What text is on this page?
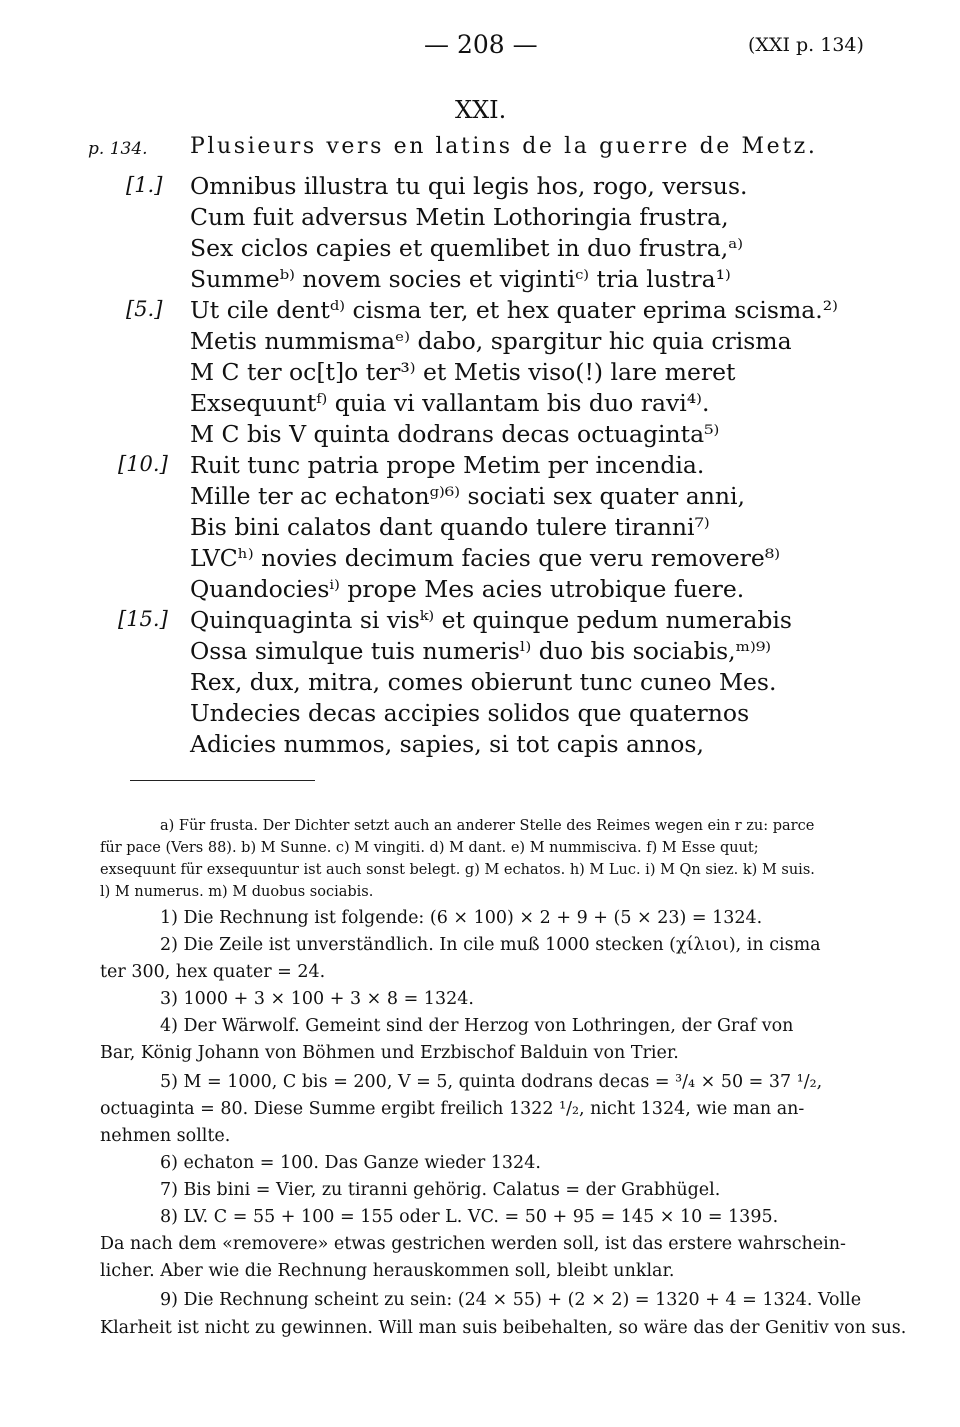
— 208 —	(XXI p. 134)
p. 134.
XXI.
Plusieurs vers en latins de la guerre de Metz.
[1.] Omnibus illustra tu qui legis hos, rogo, versus.
Cum fuit adversus Metin Lothoringia frustra,
Sex ciclos capies et quemlibet in duo frustra,ᵃ⁾
Summeᵇ⁾ novem socies et vigintiᶜ⁾ tria lustra¹⁾
[5.] Ut cile dentᵈ⁾ cisma ter, et hex quater eprima scisma.²⁾
Metis nummismaᵉ⁾ dabo, spargitur hic quia crisma
M C ter oc[t]o ter³⁾ et Metis viso(!) lare meret
Exsequuntᶠ⁾ quia vi vallantam bis duo ravi⁴⁾.
M C bis V quinta dodrans decas octuaginta⁵⁾
[10.] Ruit tunc patria prope Metim per incendia.
Mille ter ac echatonᵍ⁾⁶⁾ sociati sex quater anni,
Bis bini calatos dant quando tulere tiranni⁷⁾
LVCʰ⁾ novies decimum facies que veru removere⁸⁾
Quandociesⁱ⁾ prope Mes acies utrobique fuere.
[15.] Quinquaginta si visᵏ⁾ et quinque pedum numerabis
Ossa simulque tuis numerisˡ⁾ duo bis sociabis,ᵐ⁾⁹⁾
Rex, dux, mitra, comes obierunt tunc cuneo Mes.
Undecies decas accipies solidos que quaternos
Adicies nummos, sapies, si tot capis annos,
a) Für frusta. Der Dichter setzt auch an anderer Stelle des Reimes wegen ein r zu: parce
für pace (Vers 88). b) M Sunne. c) M vingiti. d) M dant. e) M nummisciva. f) M Esse quut;
exsequunt für exsequuntur ist auch sonst belegt. g) M echatos. h) M Luc. i) M Qn siez. k) M suis.
l) M numerus. m) M duobus sociabis.
1) Die Rechnung ist folgende: (6 × 100) × 2 + 9 + (5 × 23) = 1324.
2) Die Zeile ist unverständlich. In cile muß 1000 stecken (χίλιοι), in cisma
ter 300, hex quater = 24.
3) 1000 + 3 × 100 + 3 × 8 = 1324.
4) Der Wärwolf. Gemeint sind der Herzog von Lothringen, der Graf von
Bar, König Johann von Böhmen und Erzbischof Balduin von Trier.
5) M = 1000, C bis = 200, V = 5, quinta dodrans decas = ³/₄ × 50 = 37 ¹/₂,
octuaginta = 80. Diese Summe ergibt freilich 1322 ¹/₂, nicht 1324, wie man an-
nehmen sollte.
6) echaton = 100. Das Ganze wieder 1324.
7) Bis bini = Vier, zu tiranni gehörig. Calatus = der Grabhügel.
8) LV. C = 55 + 100 = 155 oder L. VC. = 50 + 95 = 145 × 10 = 1395.
Da nach dem «removere» etwas gestrichen werden soll, ist das erstere wahrschein-
licher. Aber wie die Rechnung herauskommen soll, bleibt unklar.
9) Die Rechnung scheint zu sein: (24 × 55) + (2 × 2) = 1320 + 4 = 1324. Volle
Klarheit ist nicht zu gewinnen. Will man suis beibehalten, so wäre das der Genitiv von sus.
